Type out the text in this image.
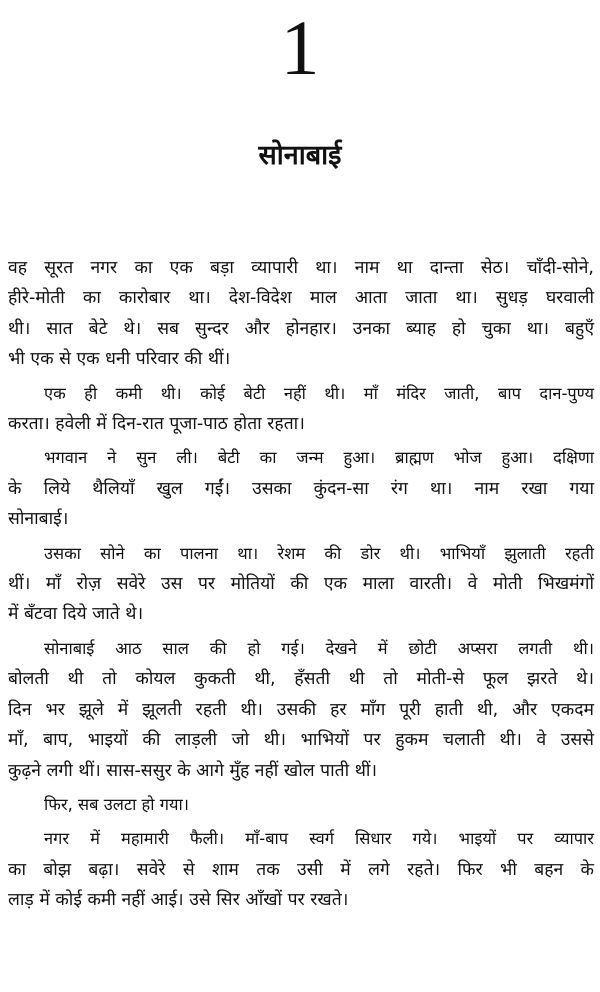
1
सोनाबाई

वह सूरत नगर का एक बड़ा व्यापारी था। नाम था दान्ता सेठ। चाँदी-सोने,
हीरे-मोती का कारोबार था। देश-विदेश माल आता जाता था। सुधड़ घरवाली
थी। सात बेटे थे। सब सुन्दर और होनहार। उनका ब्याह हो चुका था। बहुएँ
भी एक से एक धनी परिवार की थीं।

एक ही कमी थी। कोई बेटी नहीं थी। माँ मंदिर जाती, बाप दान-पुण्य
करता। हवेली में दिन-रात पूजा-पाठ होता रहता।

भगवान ने सुन ली। बेटी का जन्म हुआ। ब्राह्मण भोज हुआ। दक्षिणा
के लिये थैलियाँ खुल गईं। उसका कुंदन-सा रंग था। नाम रखा गया
सोनाबाई।

उसका सोने का पालना था। रेशम की डोर थी। भाभियाँ झुलाती रहती
थीं। माँ रोज़ सवेरे उस पर मोतियों की एक माला वारती। वे मोती भिखमंगों
में बँटवा दिये जाते थे।

सोनाबाई आठ साल की हो गई। देखने में छोटी अप्सरा लगती थी।
बोलती थी तो कोयल कुकती थी, हँसती थी तो मोती-से फूल झरते थे।
दिन भर झूले में झूलती रहती थी। उसकी हर माँग पूरी हाती थी, और एकदम
माँ, बाप, भाइयों की लाड़ली जो थी। भाभियों पर हुकम चलाती थी। वे उससे
कुढ़ने लगी थीं। सास-ससुर के आगे मुँह नहीं खोल पाती थीं।

फिर, सब उलटा हो गया।

नगर में महामारी फैली। माँ-बाप स्वर्ग सिधार गये। भाइयों पर व्यापार
का बोझ बढ़ा। सवेरे से शाम तक उसी में लगे रहते। फिर भी बहन के
लाड़ में कोई कमी नहीं आई। उसे सिर आँखों पर रखते।
